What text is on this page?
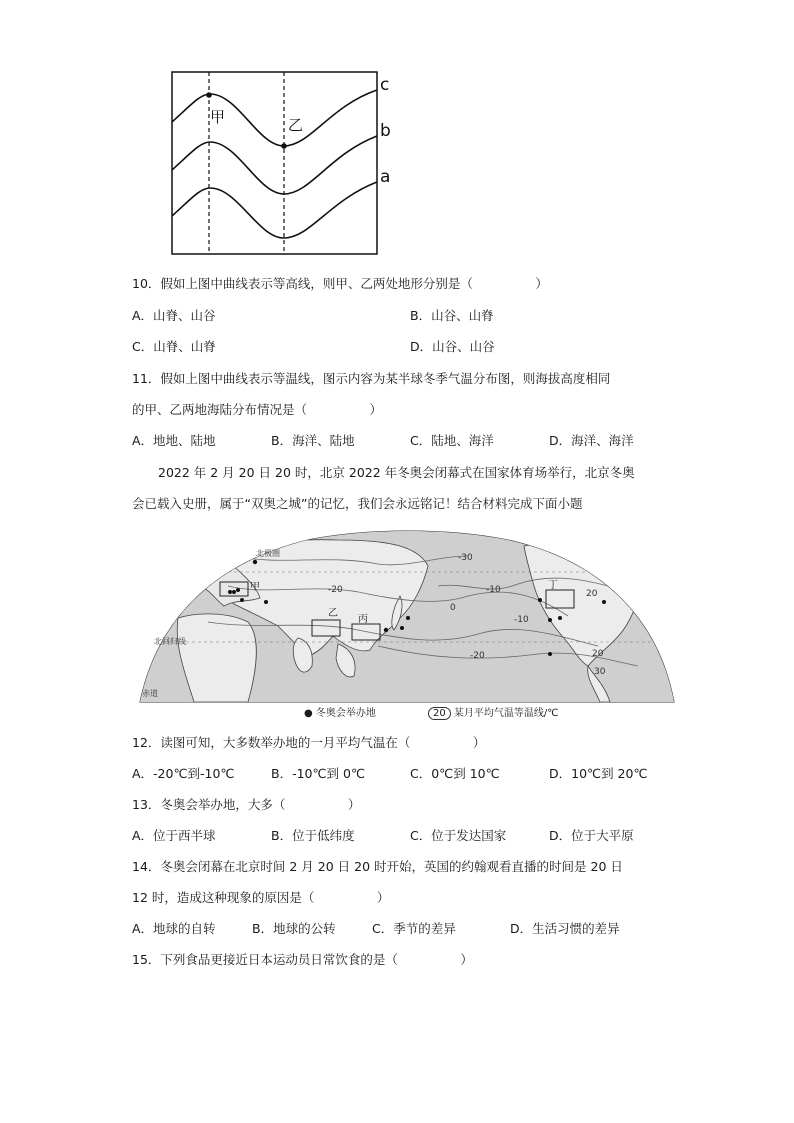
甲	乙
c
b
a
10．假如上图中曲线表示等高线，则甲、乙两处地形分别是（　　　　　）
A．山脊、山谷	B．山谷、山脊
C．山脊、山脊	D．山谷、山谷
11．假如上图中曲线表示等温线，图示内容为某半球冬季气温分布图，则海拔高度相同
的甲、乙两地海陆分布情况是（　　　　　）
A．地地、陆地	B．海洋、陆地	C．陆地、海洋	D．海洋、海洋
2022 年 2 月 20 日 20 时，北京 2022 年冬奥会闭幕式在国家体育场举行，北京冬奥
会已载入史册，属于“双奥之城”的记忆，我们会永远铭记！结合材料完成下面小题
甲
乙
丙
丁
北极圈
北回归线
赤道
-30
-20	-10
0
-10
20
-20	20
30
● 冬奥会举办地	20 某月平均气温等温线/℃
12．读图可知，大多数举办地的一月平均气温在（　　　　　）
A．-20℃到-10℃	B．-10℃到 0℃	C．0℃到 10℃	D．10℃到 20℃
13．冬奥会举办地，大多（　　　　　）
A．位于西半球	B．位于低纬度	C．位于发达国家	D．位于大平原
14．冬奥会闭幕在北京时间 2 月 20 日 20 时开始，英国的约翰观看直播的时间是 20 日
12 时，造成这种现象的原因是（　　　　　）
A．地球的自转	B．地球的公转	C．季节的差异	D．生活习惯的差异
15．下列食品更接近日本运动员日常饮食的是（　　　　　）
